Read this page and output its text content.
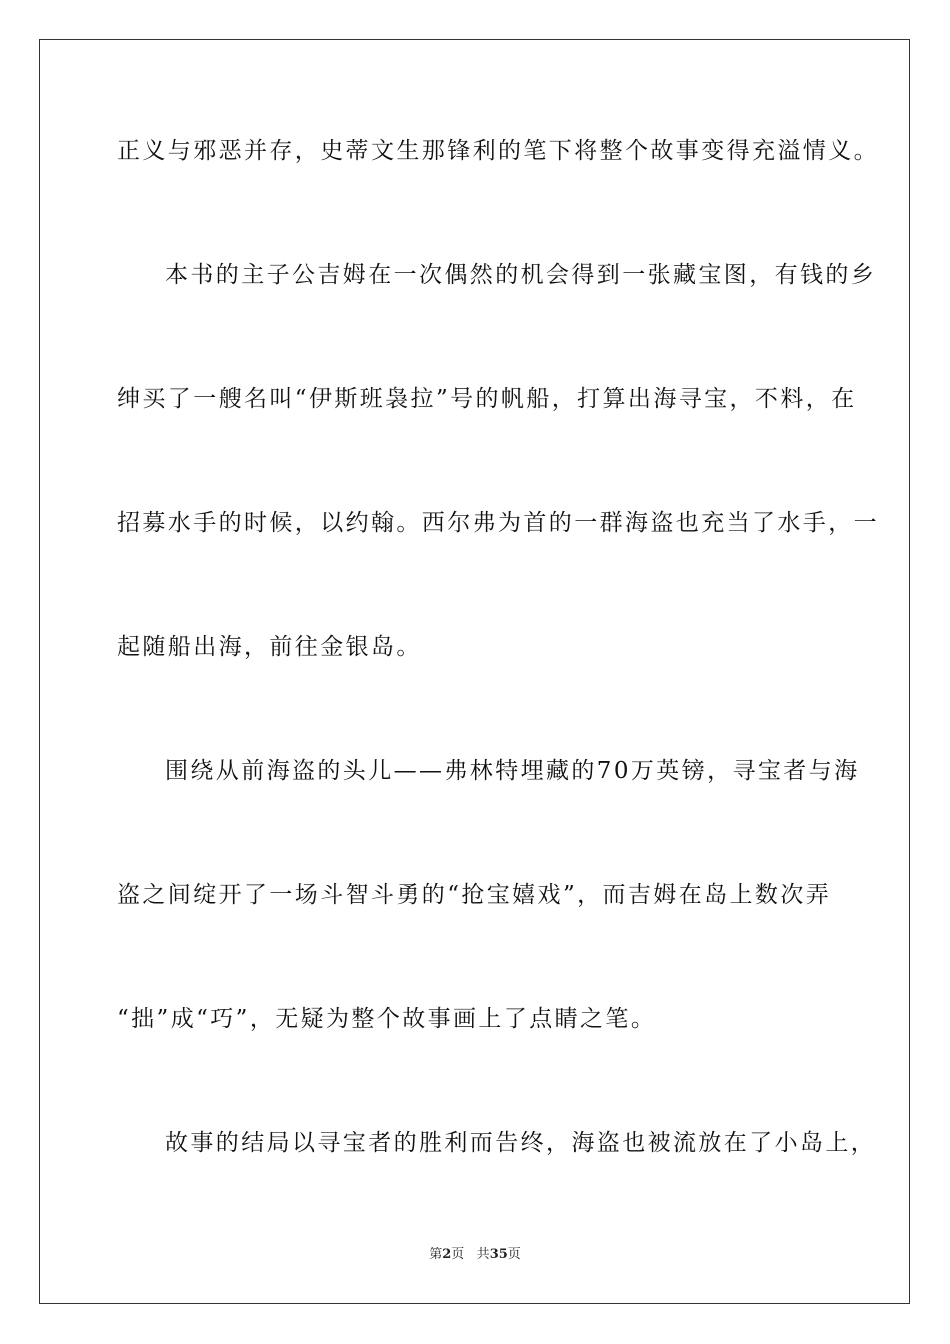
正义与邪恶并存，史蒂文生那锋利的笔下将整个故事变得充溢情义。
本书的主子公吉姆在一次偶然的机会得到一张藏宝图，有钱的乡
绅买了一艘名叫“伊斯班袅拉”号的帆船，打算出海寻宝，不料，在
招募水手的时候，以约翰。西尔弗为首的一群海盗也充当了水手，一
起随船出海，前往金银岛。
围绕从前海盗的头儿——弗林特埋藏的70万英镑，寻宝者与海
盗之间绽开了一场斗智斗勇的“抢宝嬉戏”，而吉姆在岛上数次弄
“拙”成“巧”，无疑为整个故事画上了点睛之笔。
故事的结局以寻宝者的胜利而告终，海盗也被流放在了小岛上，
第2页 共35页
